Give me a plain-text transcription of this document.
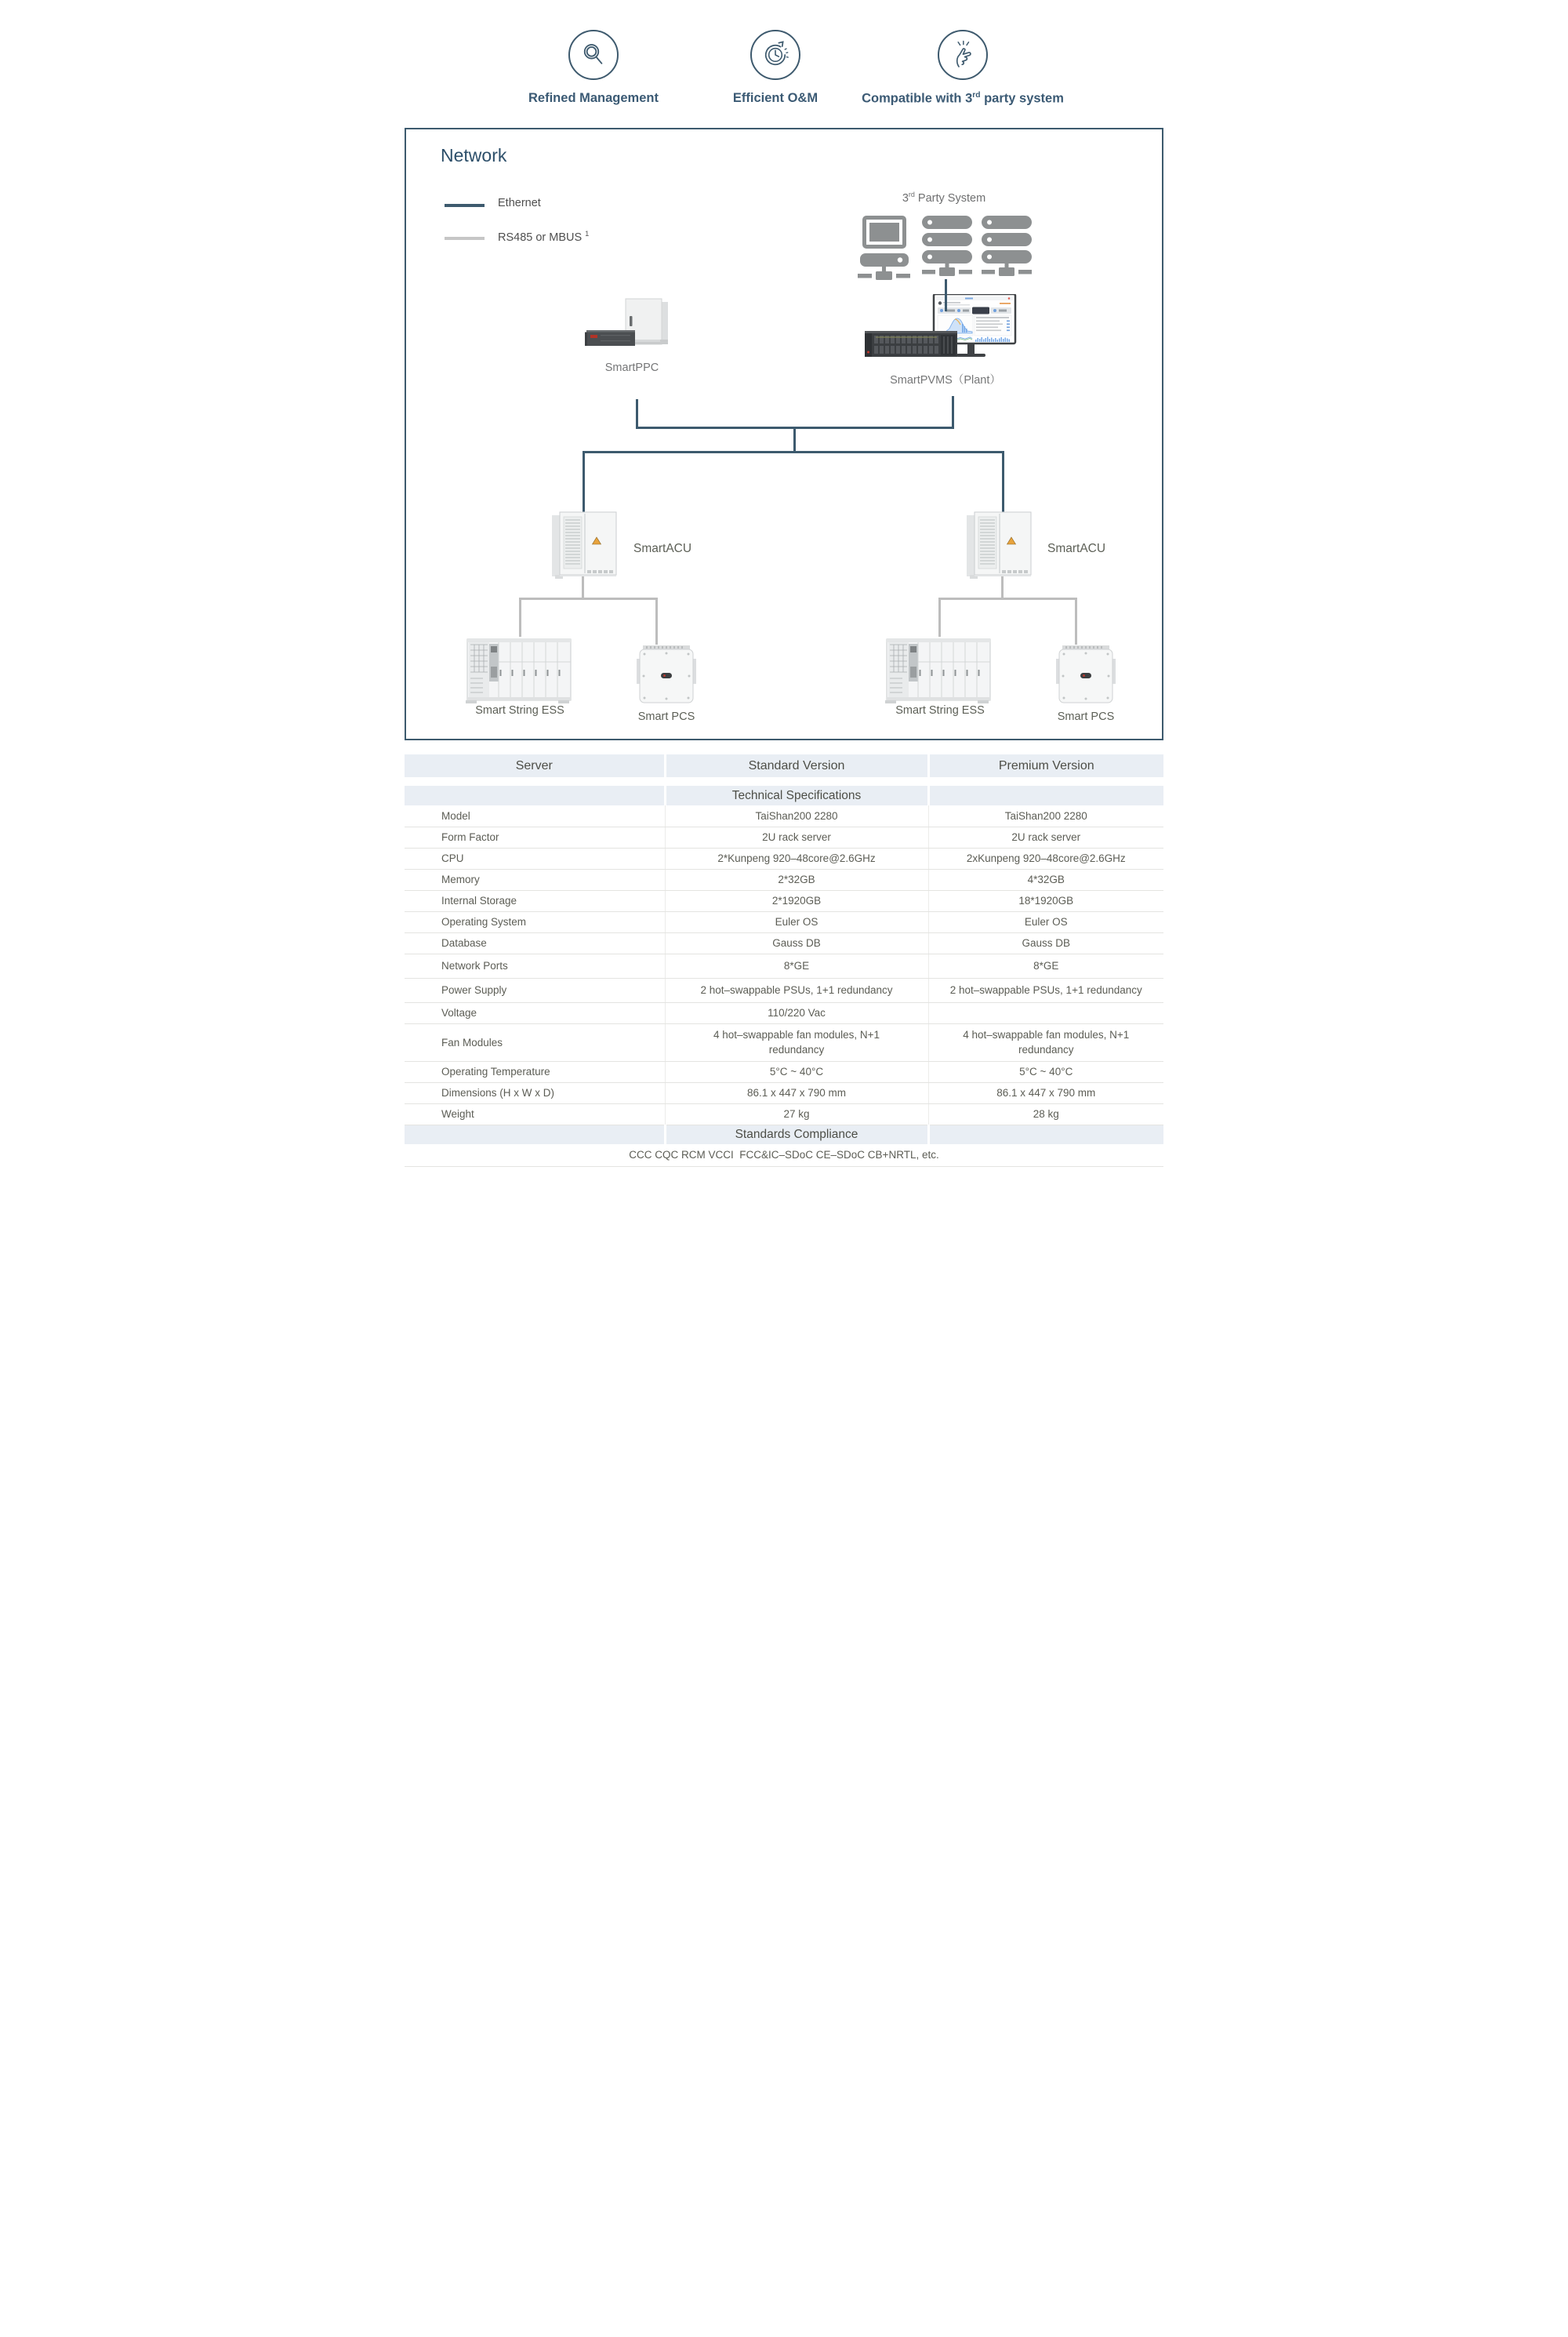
Refined Management	Efficient O&M	Compatible with 3rd party system
Network
Ethernet
RS485 or MBUS $^1$
3rd Party System
SmartPPC
SmartPVMS（Plant）
SmartACU	SmartACU
Smart String ESS	Smart PCS	Smart String ESS	Smart PCS
Server	Standard Version	Premium Version

	Technical Specifications	
Model	TaiShan200 2280	TaiShan200 2280
Form Factor	2U rack server	2U rack server
CPU	2*Kunpeng 920–48core@2.6GHz	2xKunpeng 920–48core@2.6GHz
Memory	2*32GB	4*32GB
Internal Storage	2*1920GB	18*1920GB
Operating System	Euler OS	Euler OS
Database	Gauss DB	Gauss DB
Network Ports	8*GE	8*GE
Power Supply	2 hot–swappable PSUs, 1+1 redundancy	2 hot–swappable PSUs, 1+1 redundancy
Voltage	110/220 Vac	
Fan Modules	4 hot–swappable fan modules, N+1 redundancy	4 hot–swappable fan modules, N+1 redundancy
Operating Temperature	5°C ~ 40°C	5°C ~ 40°C
Dimensions (H x W x D)	86.1 x 447 x 790 mm	86.1 x 447 x 790 mm
Weight	27 kg	28 kg
	Standards Compliance	
CCC CQC RCM VCCI  FCC&IC–SDoC CE–SDoC CB+NRTL, etc.		
